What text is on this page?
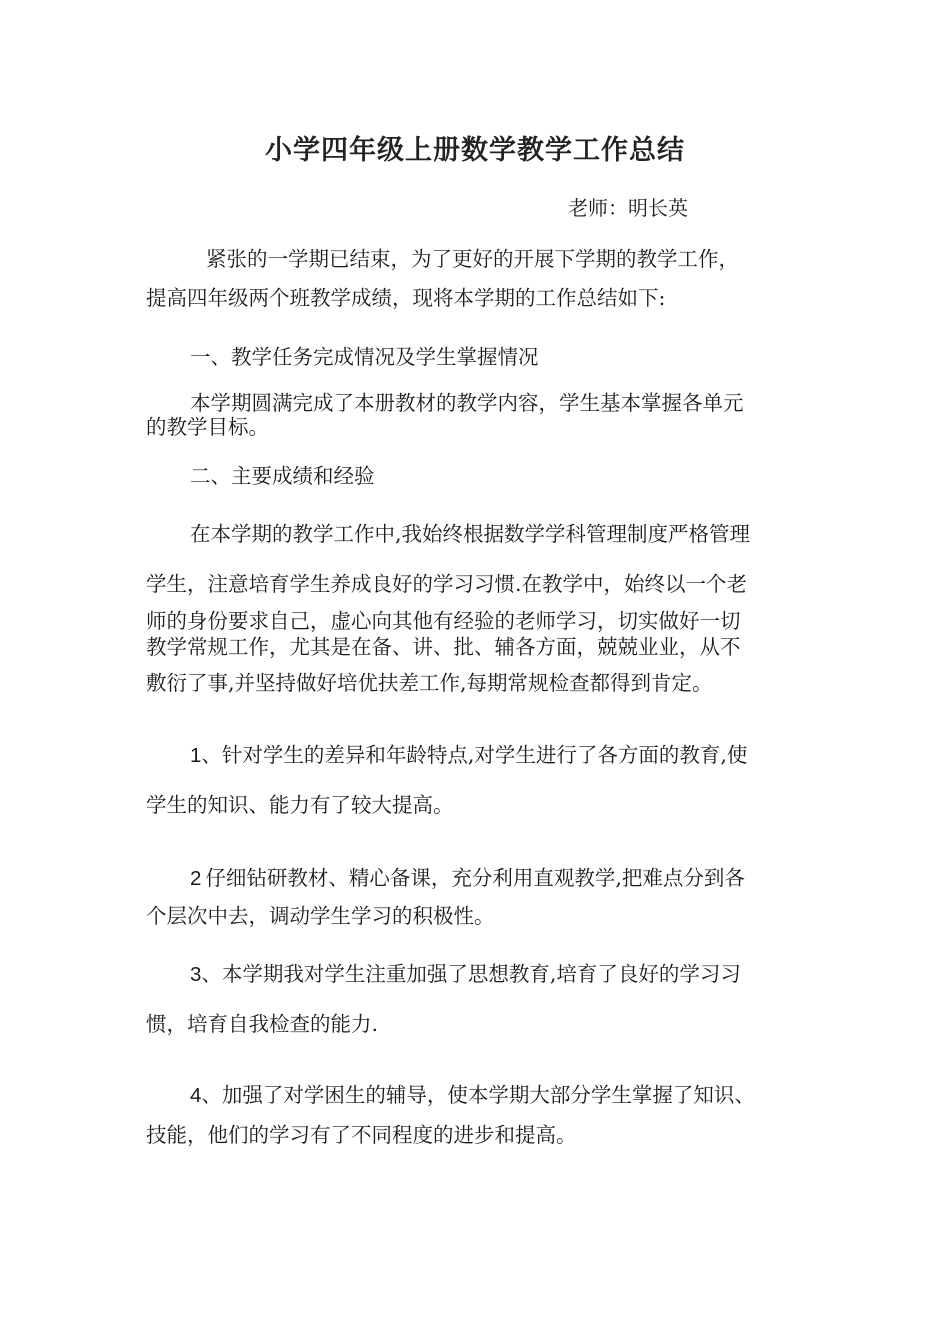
小学四年级上册数学教学工作总结
老师：明长英
紧张的一学期已结束，为了更好的开展下学期的教学工作，
提高四年级两个班教学成绩，现将本学期的工作总结如下:
一、教学任务完成情况及学生掌握情况
本学期圆满完成了本册教材的教学内容，学生基本掌握各单元
的教学目标。
二、主要成绩和经验
在本学期的教学工作中,我始终根据数学学科管理制度严格管理
学生，注意培育学生养成良好的学习习惯.在教学中，始终以一个老
师的身份要求自己，虚心向其他有经验的老师学习，切实做好一切
教学常规工作，尤其是在备、讲、批、辅各方面，兢兢业业，从不
敷衍了事,并坚持做好培优扶差工作,每期常规检查都得到肯定。
1、针对学生的差异和年龄特点,对学生进行了各方面的教育,使
学生的知识、能力有了较大提高。
2 仔细钻研教材、精心备课，充分利用直观教学,把难点分到各
个层次中去，调动学生学习的积极性。
3、本学期我对学生注重加强了思想教育,培育了良好的学习习
惯，培育自我检查的能力.
4、加强了对学困生的辅导，使本学期大部分学生掌握了知识、
技能，他们的学习有了不同程度的进步和提高。
